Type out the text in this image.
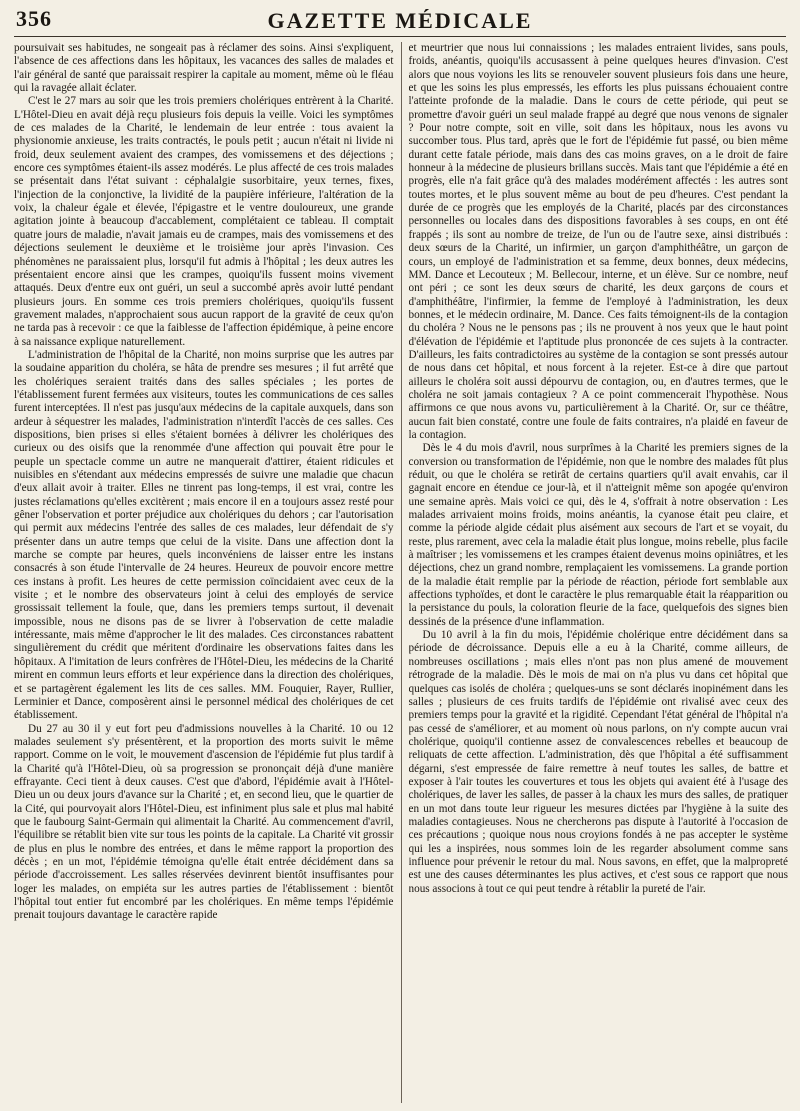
356	GAZETTE MÉDICALE

poursuivait ses habitudes, ne songeait pas à réclamer des soins. Ainsi s'expliquent, l'absence de ces affections dans les hôpitaux, les vacances des salles de malades et l'air général de santé que paraissait respirer la capitale au moment, même où le fléau qui la ravagée allait éclater.

C'est le 27 mars au soir que les trois premiers cholériques entrèrent à la Charité. L'Hôtel-Dieu en avait déjà reçu plusieurs fois depuis la veille. Voici les symptômes de ces malades de la Charité, le lendemain de leur entrée : tous avaient la physionomie anxieuse, les traits contractés, le pouls petit ; aucun n'était ni livide ni froid, deux seulement avaient des crampes, des vomissemens et des déjections ; encore ces symptômes étaient-ils assez modérés. Le plus affecté de ces trois malades se présentait dans l'état suivant : céphalalgie susorbitaire, yeux ternes, fixes, l'injection de la conjonctive, la lividité de la paupière inférieure, l'altération de la voix, la chaleur égale et élevée, l'épigastre et le ventre douloureux, une grande agitation jointe à beaucoup d'accablement, complétaient ce tableau. Il comptait quatre jours de maladie, n'avait jamais eu de crampes, mais des vomissemens et des déjections seulement le deuxième et le troisième jour après l'invasion. Ces phénomènes ne paraissaient plus, lorsqu'il fut admis à l'hôpital ; les deux autres les présentaient encore ainsi que les crampes, quoiqu'ils fussent moins vivement attaqués. Deux d'entre eux ont guéri, un seul a succombé après avoir lutté pendant plusieurs jours. En somme ces trois premiers cholériques, quoiqu'ils fussent gravement malades, n'approchaient sous aucun rapport de la gravité de ceux qu'on ne tarda pas à recevoir : ce que la faiblesse de l'affection épidémique, à peine encore à sa naissance explique naturellement.

L'administration de l'hôpital de la Charité, non moins surprise que les autres par la soudaine apparition du choléra, se hâta de prendre ses mesures ; il fut arrêté que les cholériques seraient traités dans des salles spéciales ; les portes de l'établissement furent fermées aux visiteurs, toutes les communications de ces salles furent interceptées. Il n'est pas jusqu'aux médecins de la capitale auxquels, dans son ardeur à séquestrer les malades, l'administration n'interdît l'accès de ces salles. Ces dispositions, bien prises si elles s'étaient bornées à délivrer les cholériques des curieux ou des oisifs que la renommée d'une affection qui pouvait être pour le peuple un spectacle comme un autre ne manquerait d'attirer, étaient ridicules et nuisibles en s'étendant aux médecins empressés de suivre une maladie que chacun d'eux allait avoir à traiter. Elles ne tinrent pas long-temps, il est vrai, contre les justes réclamations qu'elles excitèrent ; mais encore il en a toujours assez resté pour gêner l'observation et porter préjudice aux cholériques du dehors ; car l'autorisation qui permit aux médecins l'entrée des salles de ces malades, leur défendait de s'y présenter dans un autre temps que celui de la visite. Dans une affection dont la marche se compte par heures, quels inconvéniens de laisser entre les instans consacrés à son étude l'intervalle de 24 heures. Heureux de pouvoir encore mettre ces instans à profit. Les heures de cette permission coïncidaient avec ceux de la visite ; et le nombre des observateurs joint à celui des employés de service grossissait tellement la foule, que, dans les premiers temps surtout, il devenait impossible, nous ne disons pas de se livrer à l'observation de cette maladie intéressante, mais même d'approcher le lit des malades. Ces circonstances rabattent singulièrement du crédit que méritent d'ordinaire les observations faites dans les hôpitaux. A l'imitation de leurs confrères de l'Hôtel-Dieu, les médecins de la Charité mirent en commun leurs efforts et leur expérience dans la direction des cholériques, et se partagèrent également les lits de ces salles. MM. Fouquier, Rayer, Rullier, Lerminier et Dance, composèrent ainsi le personnel médical des cholériques de cet établissement.

Du 27 au 30 il y eut fort peu d'admissions nouvelles à la Charité. 10 ou 12 malades seulement s'y présentèrent, et la proportion des morts suivit le même rapport. Comme on le voit, le mouvement d'ascension de l'épidémie fut plus tardif à la Charité qu'à l'Hôtel-Dieu, où sa progression se prononçait déjà d'une manière effrayante. Ceci tient à deux causes. C'est que d'abord, l'épidémie avait à l'Hôtel-Dieu un ou deux jours d'avance sur la Charité ; et, en second lieu, que le quartier de la Cité, qui pourvoyait alors l'Hôtel-Dieu, est infiniment plus sale et plus mal habité que le faubourg Saint-Germain qui alimentait la Charité. Au commencement d'avril, l'équilibre se rétablit bien vite sur tous les points de la capitale. La Charité vit grossir de plus en plus le nombre des entrées, et dans le même rapport la proportion des décès ; en un mot, l'épidémie témoigna qu'elle était entrée décidément dans sa période d'accroissement. Les salles réservées devinrent bientôt insuffisantes pour loger les malades, on empiéta sur les autres parties de l'établissement : bientôt l'hôpital tout entier fut encombré par les cholériques. En même temps l'épidémie prenait toujours davantage le caractère rapide

et meurtrier que nous lui connaissions ; les malades entraient livides, sans pouls, froids, anéantis, quoiqu'ils accusassent à peine quelques heures d'invasion. C'est alors que nous voyions les lits se renouveler souvent plusieurs fois dans une heure, et que les soins les plus empressés, les efforts les plus puissans échouaient contre l'atteinte profonde de la maladie. Dans le cours de cette période, qui peut se promettre d'avoir guéri un seul malade frappé au degré que nous venons de signaler ? Pour notre compte, soit en ville, soit dans les hôpitaux, nous les avons vu succomber tous. Plus tard, après que le fort de l'épidémie fut passé, ou bien même durant cette fatale période, mais dans des cas moins graves, on a le droit de faire honneur à la médecine de plusieurs brillans succès. Mais tant que l'épidémie a été en progrès, elle n'a fait grâce qu'à des malades modérément affectés : les autres sont toutes mortes, et le plus souvent même au bout de peu d'heures. C'est pendant la durée de ce progrès que les employés de la Charité, placés par des circonstances personnelles ou locales dans des dispositions favorables à ses coups, en ont été frappés ; ils sont au nombre de treize, de l'un ou de l'autre sexe, ainsi distribués : deux sœurs de la Charité, un infirmier, un garçon d'amphithéâtre, un garçon de cours, un employé de l'administration et sa femme, deux bonnes, deux médecins, MM. Dance et Lecouteux ; M. Bellecour, interne, et un élève. Sur ce nombre, neuf ont péri ; ce sont les deux sœurs de charité, les deux garçons de cours et d'amphithéâtre, l'infirmier, la femme de l'employé à l'administration, les deux bonnes, et le médecin ordinaire, M. Dance. Ces faits témoignent-ils de la contagion du choléra ? Nous ne le pensons pas ; ils ne prouvent à nos yeux que le haut point d'élévation de l'épidémie et l'aptitude plus prononcée de ces sujets à la contracter. D'ailleurs, les faits contradictoires au système de la contagion se sont pressés autour de nous dans cet hôpital, et nous forcent à la rejeter. Est-ce à dire que partout ailleurs le choléra soit aussi dépourvu de contagion, ou, en d'autres termes, que le choléra ne soit jamais contagieux ? A ce point commencerait l'hypothèse. Nous affirmons ce que nous avons vu, particulièrement à la Charité. Or, sur ce théâtre, aucun fait bien constaté, contre une foule de faits contraires, n'a plaidé en faveur de la contagion.

Dès le 4 du mois d'avril, nous surprîmes à la Charité les premiers signes de la conversion ou transformation de l'épidémie, non que le nombre des malades fût plus réduit, ou que le choléra se retirât de certains quartiers qu'il avait envahis, car il gagnait encore en étendue ce jour-là, et il n'atteignit même son apogée qu'environ une semaine après. Mais voici ce qui, dès le 4, s'offrait à notre observation : Les malades arrivaient moins froids, moins anéantis, la cyanose était peu claire, et comme la période algide cédait plus aisément aux secours de l'art et se voyait, du reste, plus rarement, avec cela la maladie était plus longue, moins rebelle, plus facile à maîtriser ; les vomissemens et les crampes étaient devenus moins opiniâtres, et les déjections, chez un grand nombre, remplaçaient les vomissemens. La grande portion de la maladie était remplie par la période de réaction, période fort semblable aux affections typhoïdes, et dont le caractère le plus remarquable était la réapparition ou la persistance du pouls, la coloration fleurie de la face, quelquefois des signes bien dessinés de la présence d'une inflammation.

Du 10 avril à la fin du mois, l'épidémie cholérique entre décidément dans sa période de décroissance. Depuis elle a eu à la Charité, comme ailleurs, de nombreuses oscillations ; mais elles n'ont pas non plus amené de mouvement rétrograde de la maladie. Dès le mois de mai on n'a plus vu dans cet hôpital que quelques cas isolés de choléra ; quelques-uns se sont déclarés inopinément dans les salles ; plusieurs de ces fruits tardifs de l'épidémie ont rivalisé avec ceux des premiers temps pour la gravité et la rigidité. Cependant l'état général de l'hôpital n'a pas cessé de s'améliorer, et au moment où nous parlons, on n'y compte aucun vrai cholérique, quoiqu'il contienne assez de convalescences rebelles et beaucoup de reliquats de cette affection. L'administration, dès que l'hôpital a été suffisamment dégarni, s'est empressée de faire remettre à neuf toutes les salles, de battre et exposer à l'air toutes les couvertures et tous les objets qui avaient été à l'usage des cholériques, de laver les salles, de passer à la chaux les murs des salles, de pratiquer en un mot dans toute leur rigueur les mesures dictées par l'hygiène à la suite des maladies contagieuses. Nous ne chercherons pas dispute à l'autorité à l'occasion de ces précautions ; quoique nous nous croyions fondés à ne pas accepter le système qui les a inspirées, nous sommes loin de les regarder absolument comme sans influence pour prévenir le retour du mal. Nous savons, en effet, que la malpropreté est une des causes déterminantes les plus actives, et c'est sous ce rapport que nous nous associons à tout ce qui peut tendre à rétablir la pureté de l'air.
